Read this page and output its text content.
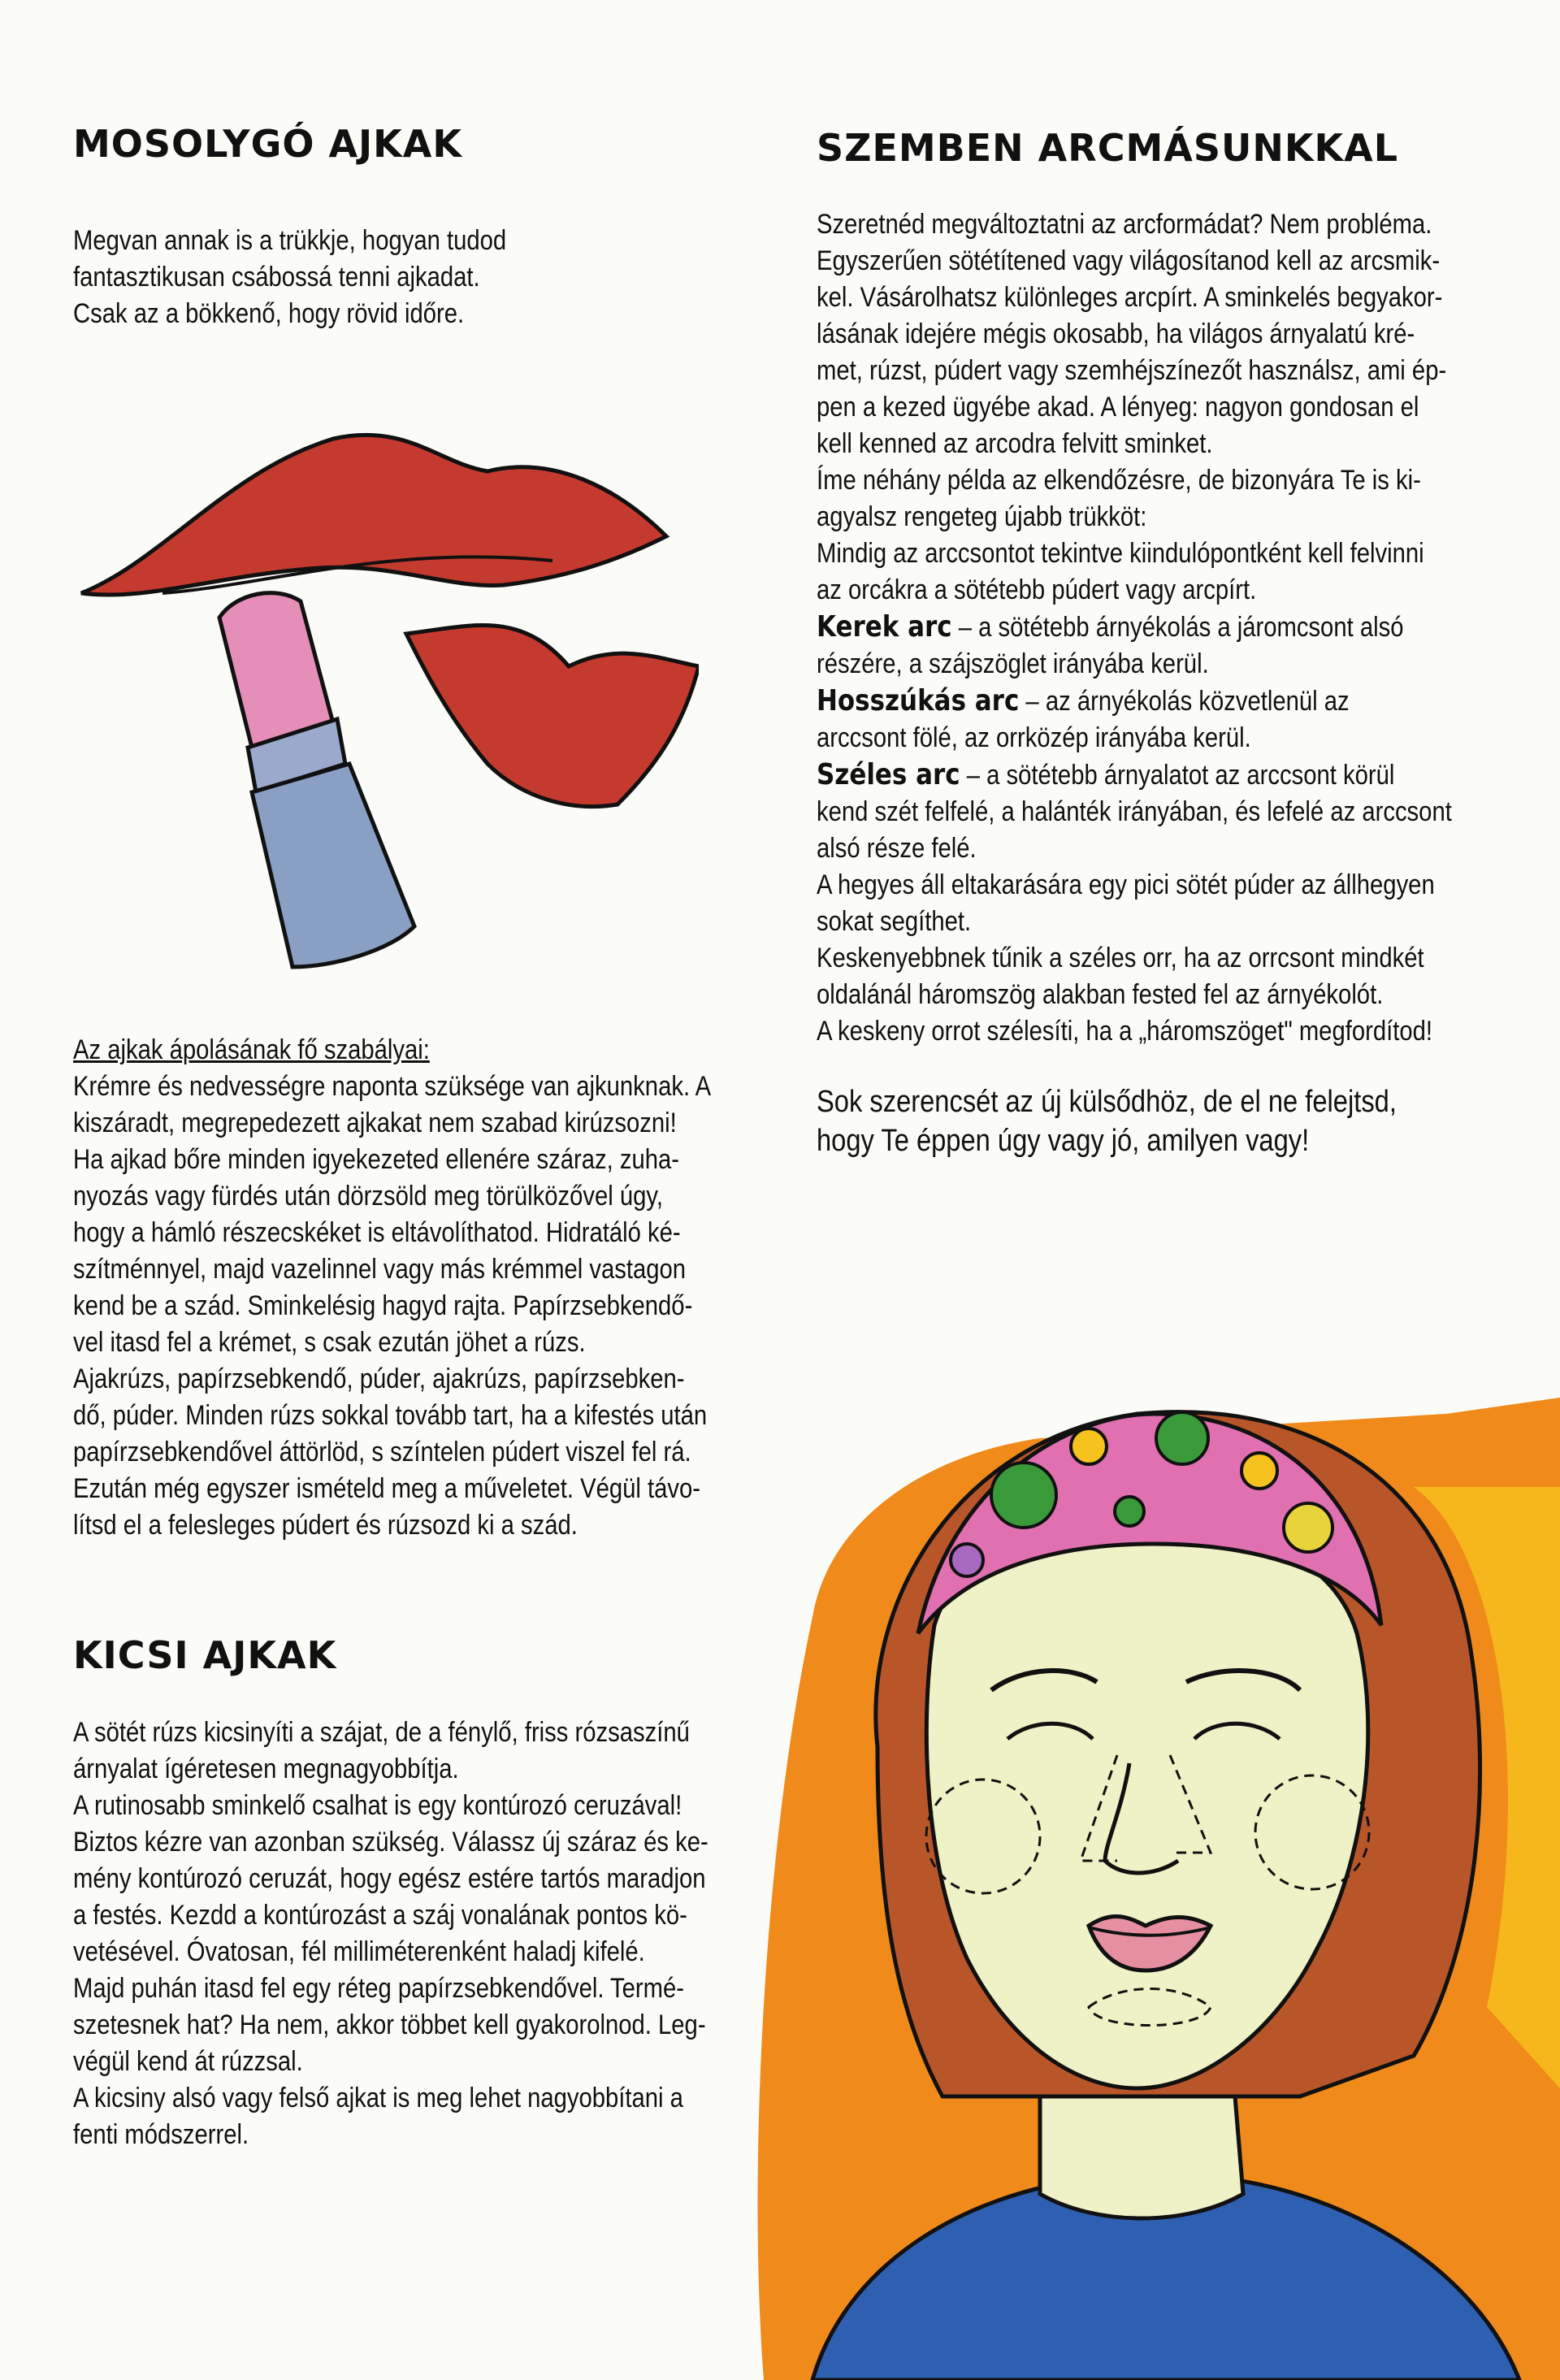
MOSOLYGÓ AJKAK

Megvan annak is a trükkje, hogyan tudod

fantasztikusan csábossá tenni ajkadat.

Csak az a bökkenő, hogy rövid időre.

Az ajkak ápolásának fő szabályai:

Krémre és nedvességre naponta szüksége van ajkunknak. A

kiszáradt, megrepedezett ajkakat nem szabad kirúzsozni!

Ha ajkad bőre minden igyekezeted ellenére száraz, zuha-

nyozás vagy fürdés után dörzsöld meg törülközővel úgy,

hogy a hámló részecskéket is eltávolíthatod. Hidratáló ké-

szítménnyel, majd vazelinnel vagy más krémmel vastagon

kend be a szád. Sminkelésig hagyd rajta. Papírzsebkendő-

vel itasd fel a krémet, s csak ezután jöhet a rúzs.

Ajakrúzs, papírzsebkendő, púder, ajakrúzs, papírzsebken-

dő, púder. Minden rúzs sokkal tovább tart, ha a kifestés után

papírzsebkendővel áttörlöd, s színtelen púdert viszel fel rá.

Ezután még egyszer ismételd meg a műveletet. Végül távo-

lítsd el a felesleges púdert és rúzsozd ki a szád.

KICSI AJKAK

A sötét rúzs kicsinyíti a szájat, de a fénylő, friss rózsaszínű

árnyalat ígéretesen megnagyobbítja.

A rutinosabb sminkelő csalhat is egy kontúrozó ceruzával!

Biztos kézre van azonban szükség. Válassz új száraz és ke-

mény kontúrozó ceruzát, hogy egész estére tartós maradjon

a festés. Kezdd a kontúrozást a száj vonalának pontos kö-

vetésével. Óvatosan, fél milliméterenként haladj kifelé.

Majd puhán itasd fel egy réteg papírzsebkendővel. Termé-

szetesnek hat? Ha nem, akkor többet kell gyakorolnod. Leg-

végül kend át rúzzsal.

A kicsiny alsó vagy felső ajkat is meg lehet nagyobbítani a

fenti módszerrel.

SZEMBEN ARCMÁSUNKKAL

Szeretnéd megváltoztatni az arcformádat? Nem probléma.

Egyszerűen sötétítened vagy világosítanod kell az arcsmik-

kel. Vásárolhatsz különleges arcpírt. A sminkelés begyakor-

lásának idejére mégis okosabb, ha világos árnyalatú kré-

met, rúzst, púdert vagy szemhéjszínezőt használsz, ami ép-

pen a kezed ügyébe akad. A lényeg: nagyon gondosan el

kell kenned az arcodra felvitt sminket.

Íme néhány példa az elkendőzésre, de bizonyára Te is ki-

agyalsz rengeteg újabb trükköt:

Mindig az arccsontot tekintve kiindulópontként kell felvinni

az orcákra a sötétebb púdert vagy arcpírt.

Kerek arc – a sötétebb árnyékolás a járomcsont alsó

részére, a szájszöglet irányába kerül.

Hosszúkás arc – az árnyékolás közvetlenül az

arccsont fölé, az orrközép irányába kerül.

Széles arc – a sötétebb árnyalatot az arccsont körül

kend szét felfelé, a halánték irányában, és lefelé az arccsont

alsó része felé.

A hegyes áll eltakarására egy pici sötét púder az állhegyen

sokat segíthet.

Keskenyebbnek tűnik a széles orr, ha az orrcsont mindkét

oldalánál háromszög alakban fested fel az árnyékolót.

A keskeny orrot szélesíti, ha a „háromszöget" megfordítod!

Sok szerencsét az új külsődhöz, de el ne felejtsd,

hogy Te éppen úgy vagy jó, amilyen vagy!
